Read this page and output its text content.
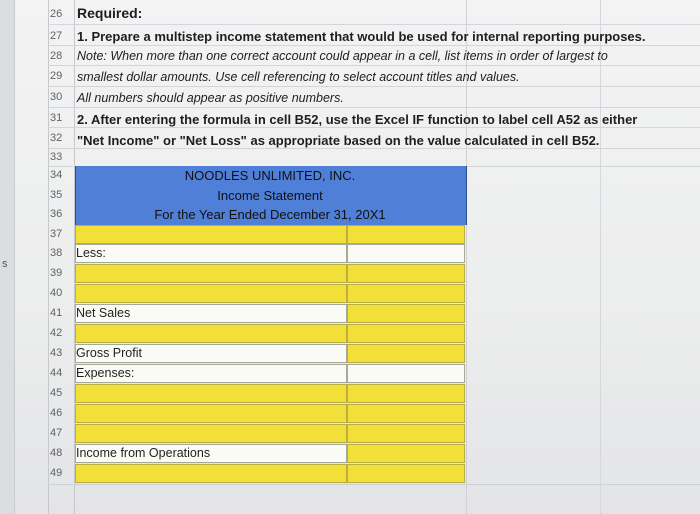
s
26	Required:
27	1. Prepare a multistep income statement that would be used for internal reporting purposes.
28	Note: When more than one correct account could appear in a cell, list items in order of largest to
29	smallest dollar amounts. Use cell referencing to select account titles and values.
30	All numbers should appear as positive numbers.
31	2. After entering the formula in cell B52, use the Excel IF function to label cell A52 as either
32	"Net Income" or "Net Loss" as appropriate based on the value calculated in cell B52.
33
34	NOODLES UNLIMITED, INC.
35	Income Statement
36	For the Year Ended December 31, 20X1
37
38	Less:
39
40
41	Net Sales
42
43	Gross Profit
44	Expenses:
45
46
47
48	Income from Operations
49
